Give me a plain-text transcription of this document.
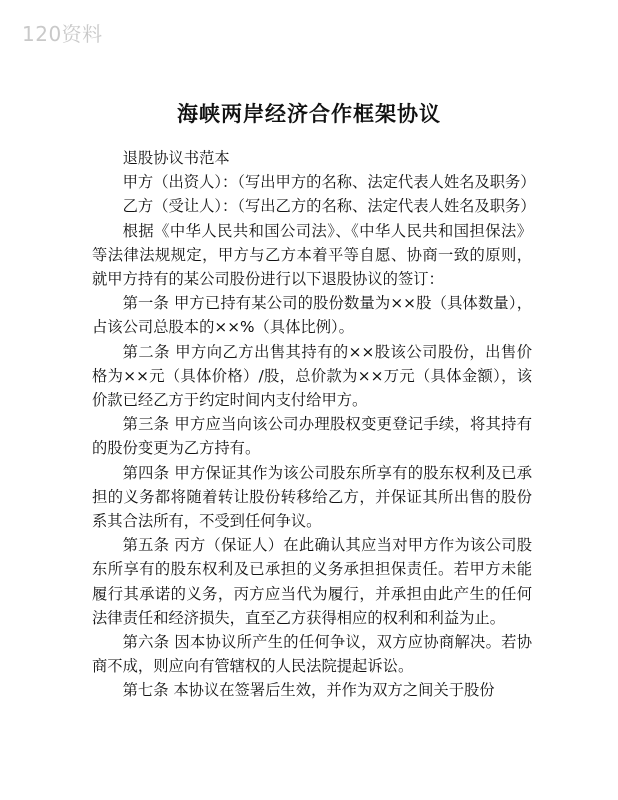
120资料
海峡两岸经济合作框架协议

退股协议书范本

甲方（出资人）：（写出甲方的名称、法定代表人姓名及职务）

乙方（受让人）：（写出乙方的名称、法定代表人姓名及职务）

根据《中华人民共和国公司法》、《中华人民共和国担保法》等法律法规规定，甲方与乙方本着平等自愿、协商一致的原则，就甲方持有的某公司股份进行以下退股协议的签订：

第一条 甲方已持有某公司的股份数量为××股（具体数量），占该公司总股本的××%（具体比例）。

第二条 甲方向乙方出售其持有的××股该公司股份，出售价格为××元（具体价格）/股，总价款为××万元（具体金额），该价款已经乙方于约定时间内支付给甲方。

第三条 甲方应当向该公司办理股权变更登记手续，将其持有的股份变更为乙方持有。

第四条 甲方保证其作为该公司股东所享有的股东权利及已承担的义务都将随着转让股份转移给乙方，并保证其所出售的股份系其合法所有，不受到任何争议。

第五条 丙方（保证人）在此确认其应当对甲方作为该公司股东所享有的股东权利及已承担的义务承担担保责任。若甲方未能履行其承诺的义务，丙方应当代为履行，并承担由此产生的任何法律责任和经济损失，直至乙方获得相应的权利和利益为止。

第六条 因本协议所产生的任何争议，双方应协商解决。若协商不成，则应向有管辖权的人民法院提起诉讼。

第七条 本协议在签署后生效，并作为双方之间关于股份
